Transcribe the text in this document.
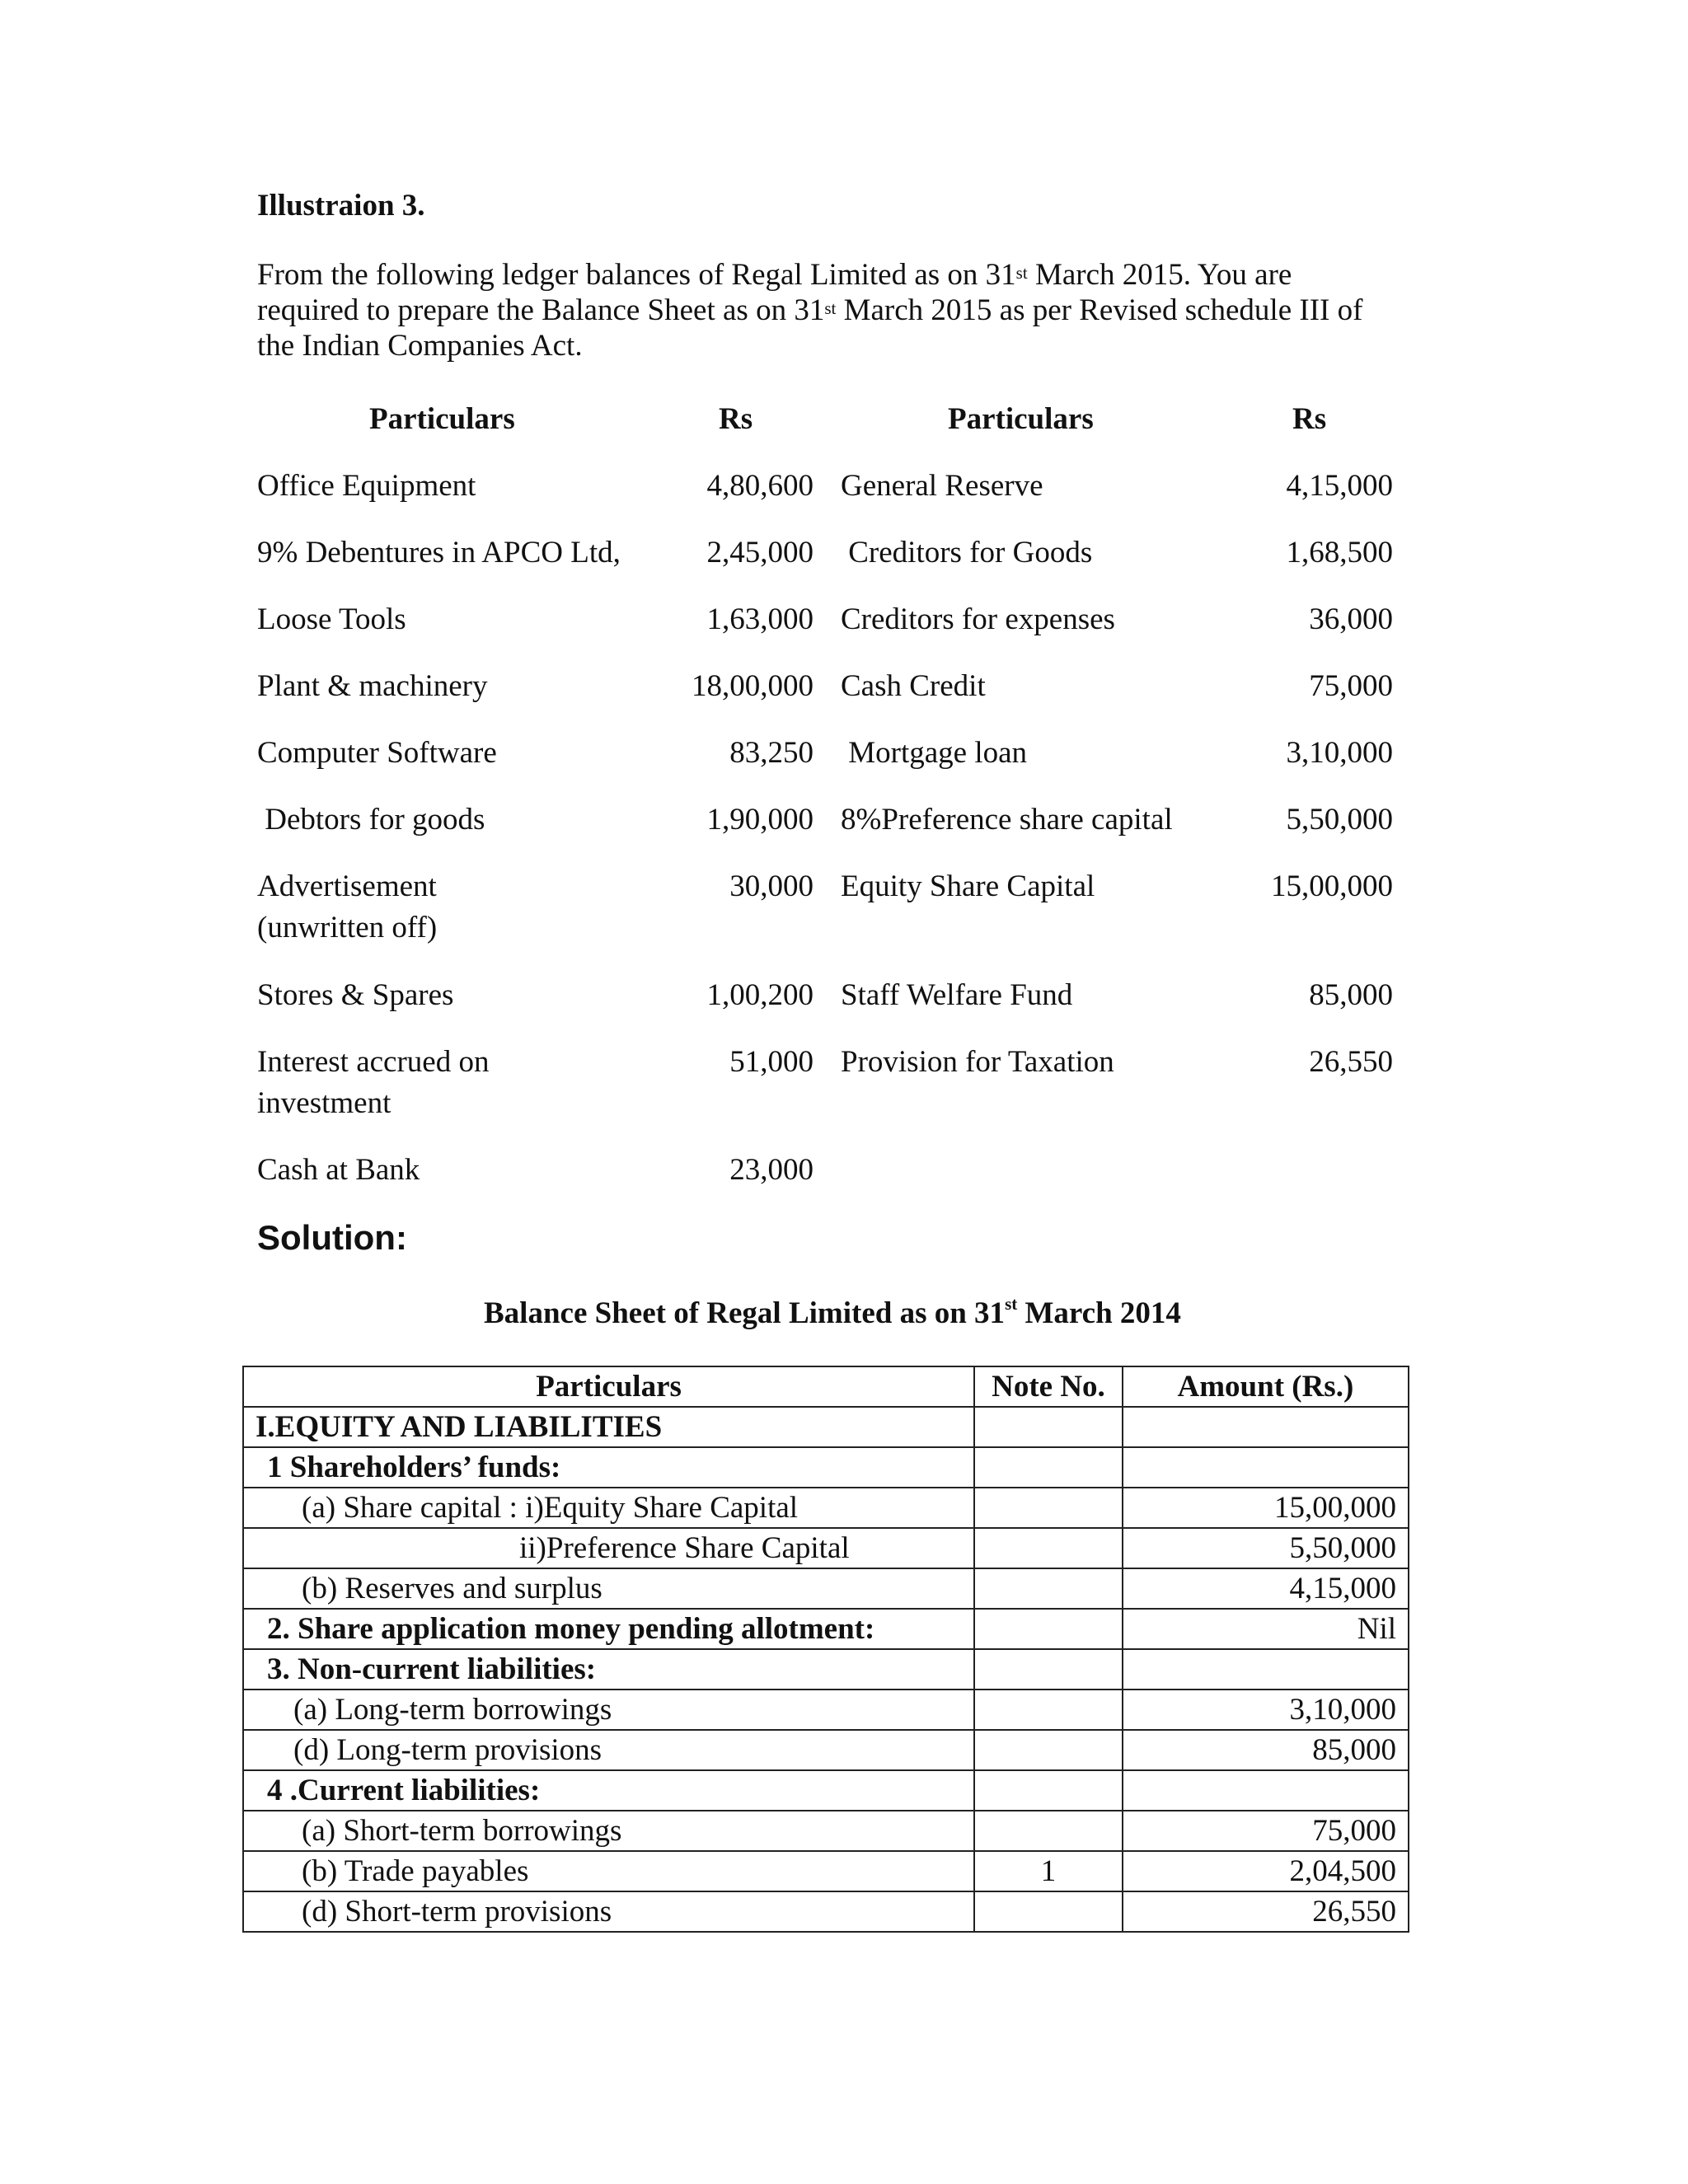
Illustraion 3.
From the following ledger balances of Regal Limited as on 31st March 2015. You are
required to prepare the Balance Sheet as on 31st March 2015 as per Revised schedule III of
the Indian Companies Act.
Particulars	Rs	Particulars	Rs
Office Equipment	4,80,600 General Reserve	4,15,000
9% Debentures in APCO Ltd,	2,45,000 Creditors for Goods	1,68,500
Loose Tools	1,63,000 Creditors for expenses	36,000
Plant & machinery	18,00,000 Cash Credit	75,000
Computer Software	83,250 Mortgage loan	3,10,000
Debtors for goods	1,90,000 8%Preference share capital	5,50,000
Advertisement
(unwritten off)
30,000 Equity Share Capital	15,00,000
Stores & Spares	1,00,200 Staff Welfare Fund	85,000
Interest accrued on
investment
51,000 Provision for Taxation	26,550
Cash at Bank	23,000
Solution:
Balance Sheet of Regal Limited as on 31st March 2014
Particulars	Note No.	Amount (Rs.)
I.EQUITY AND LIABILITIES		
1 Shareholders’ funds:		
(a) Share capital : i)Equity Share Capital		15,00,000
ii)Preference Share Capital		5,50,000
(b) Reserves and surplus		4,15,000
2. Share application money pending allotment:		Nil
3. Non-current liabilities:		
(a) Long-term borrowings		3,10,000
(d) Long-term provisions		85,000
4 .Current liabilities:		
(a) Short-term borrowings		75,000
(b) Trade payables	1	2,04,500
(d) Short-term provisions		26,550
